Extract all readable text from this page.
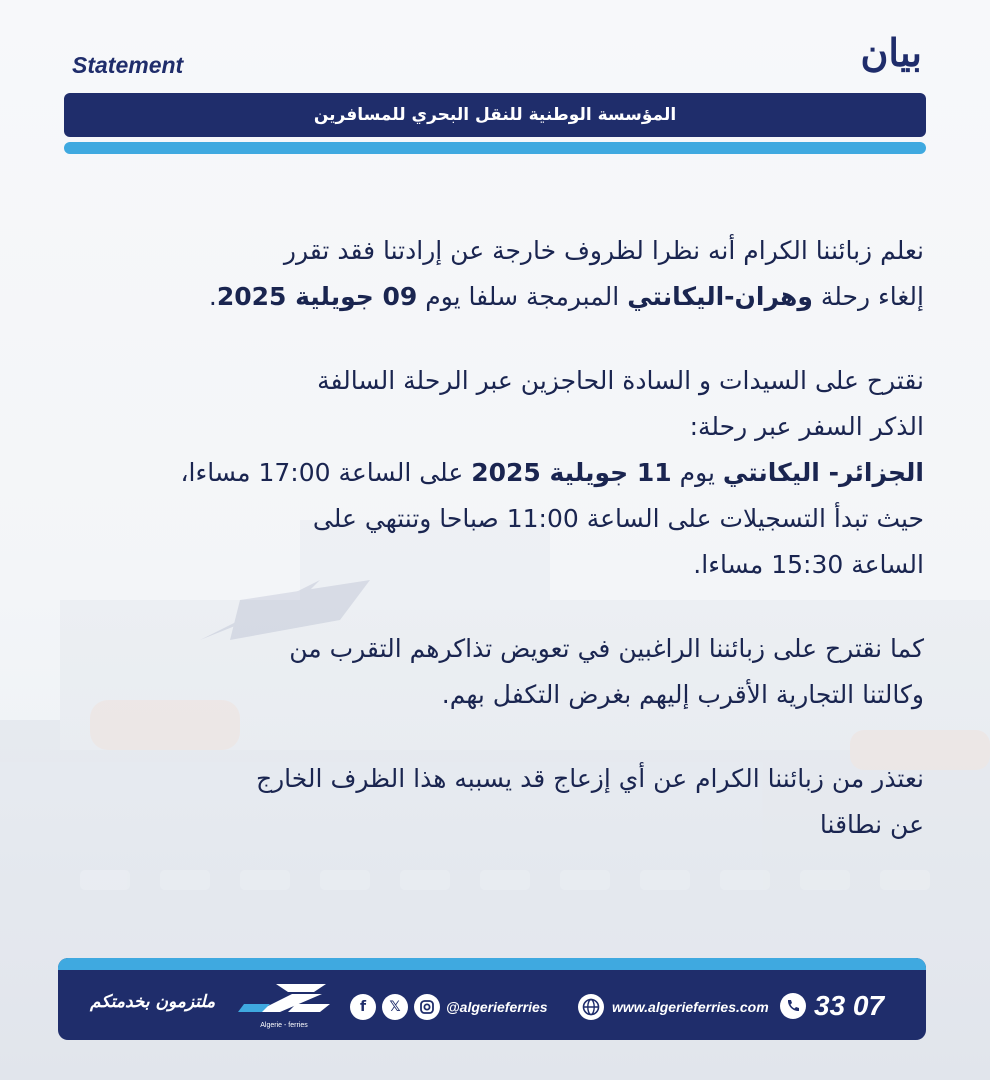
بيان
Statement
المؤسسة الوطنية للنقل البحري للمسافرين

نعلم زبائننا الكرام أنه نظرا لظروف خارجة عن إرادتنا فقد تقرر
إلغاء رحلة وهران-اليكانتي المبرمجة سلفا يوم 09 جويلية 2025.

نقترح على السيدات و السادة الحاجزين عبر الرحلة السالفة
الذكر السفر عبر رحلة:
الجزائر- اليكانتي يوم 11 جويلية 2025 على الساعة 17:00 مساءا،
حيث تبدأ التسجيلات على الساعة 11:00 صباحا وتنتهي على
الساعة 15:30 مساءا.

كما نقترح على زبائننا الراغبين في تعويض تذاكرهم التقرب من
وكالتنا التجارية الأقرب إليهم بغرض التكفل بهم.

نعتذر من زبائننا الكرام عن أي إزعاج قد يسببه هذا الظرف الخارج
عن نطاقنا

ملتزمون بخدمتكم
Algerie - ferries
f	𝕏	@algerieferries	www.algerieferries.com 33 07
